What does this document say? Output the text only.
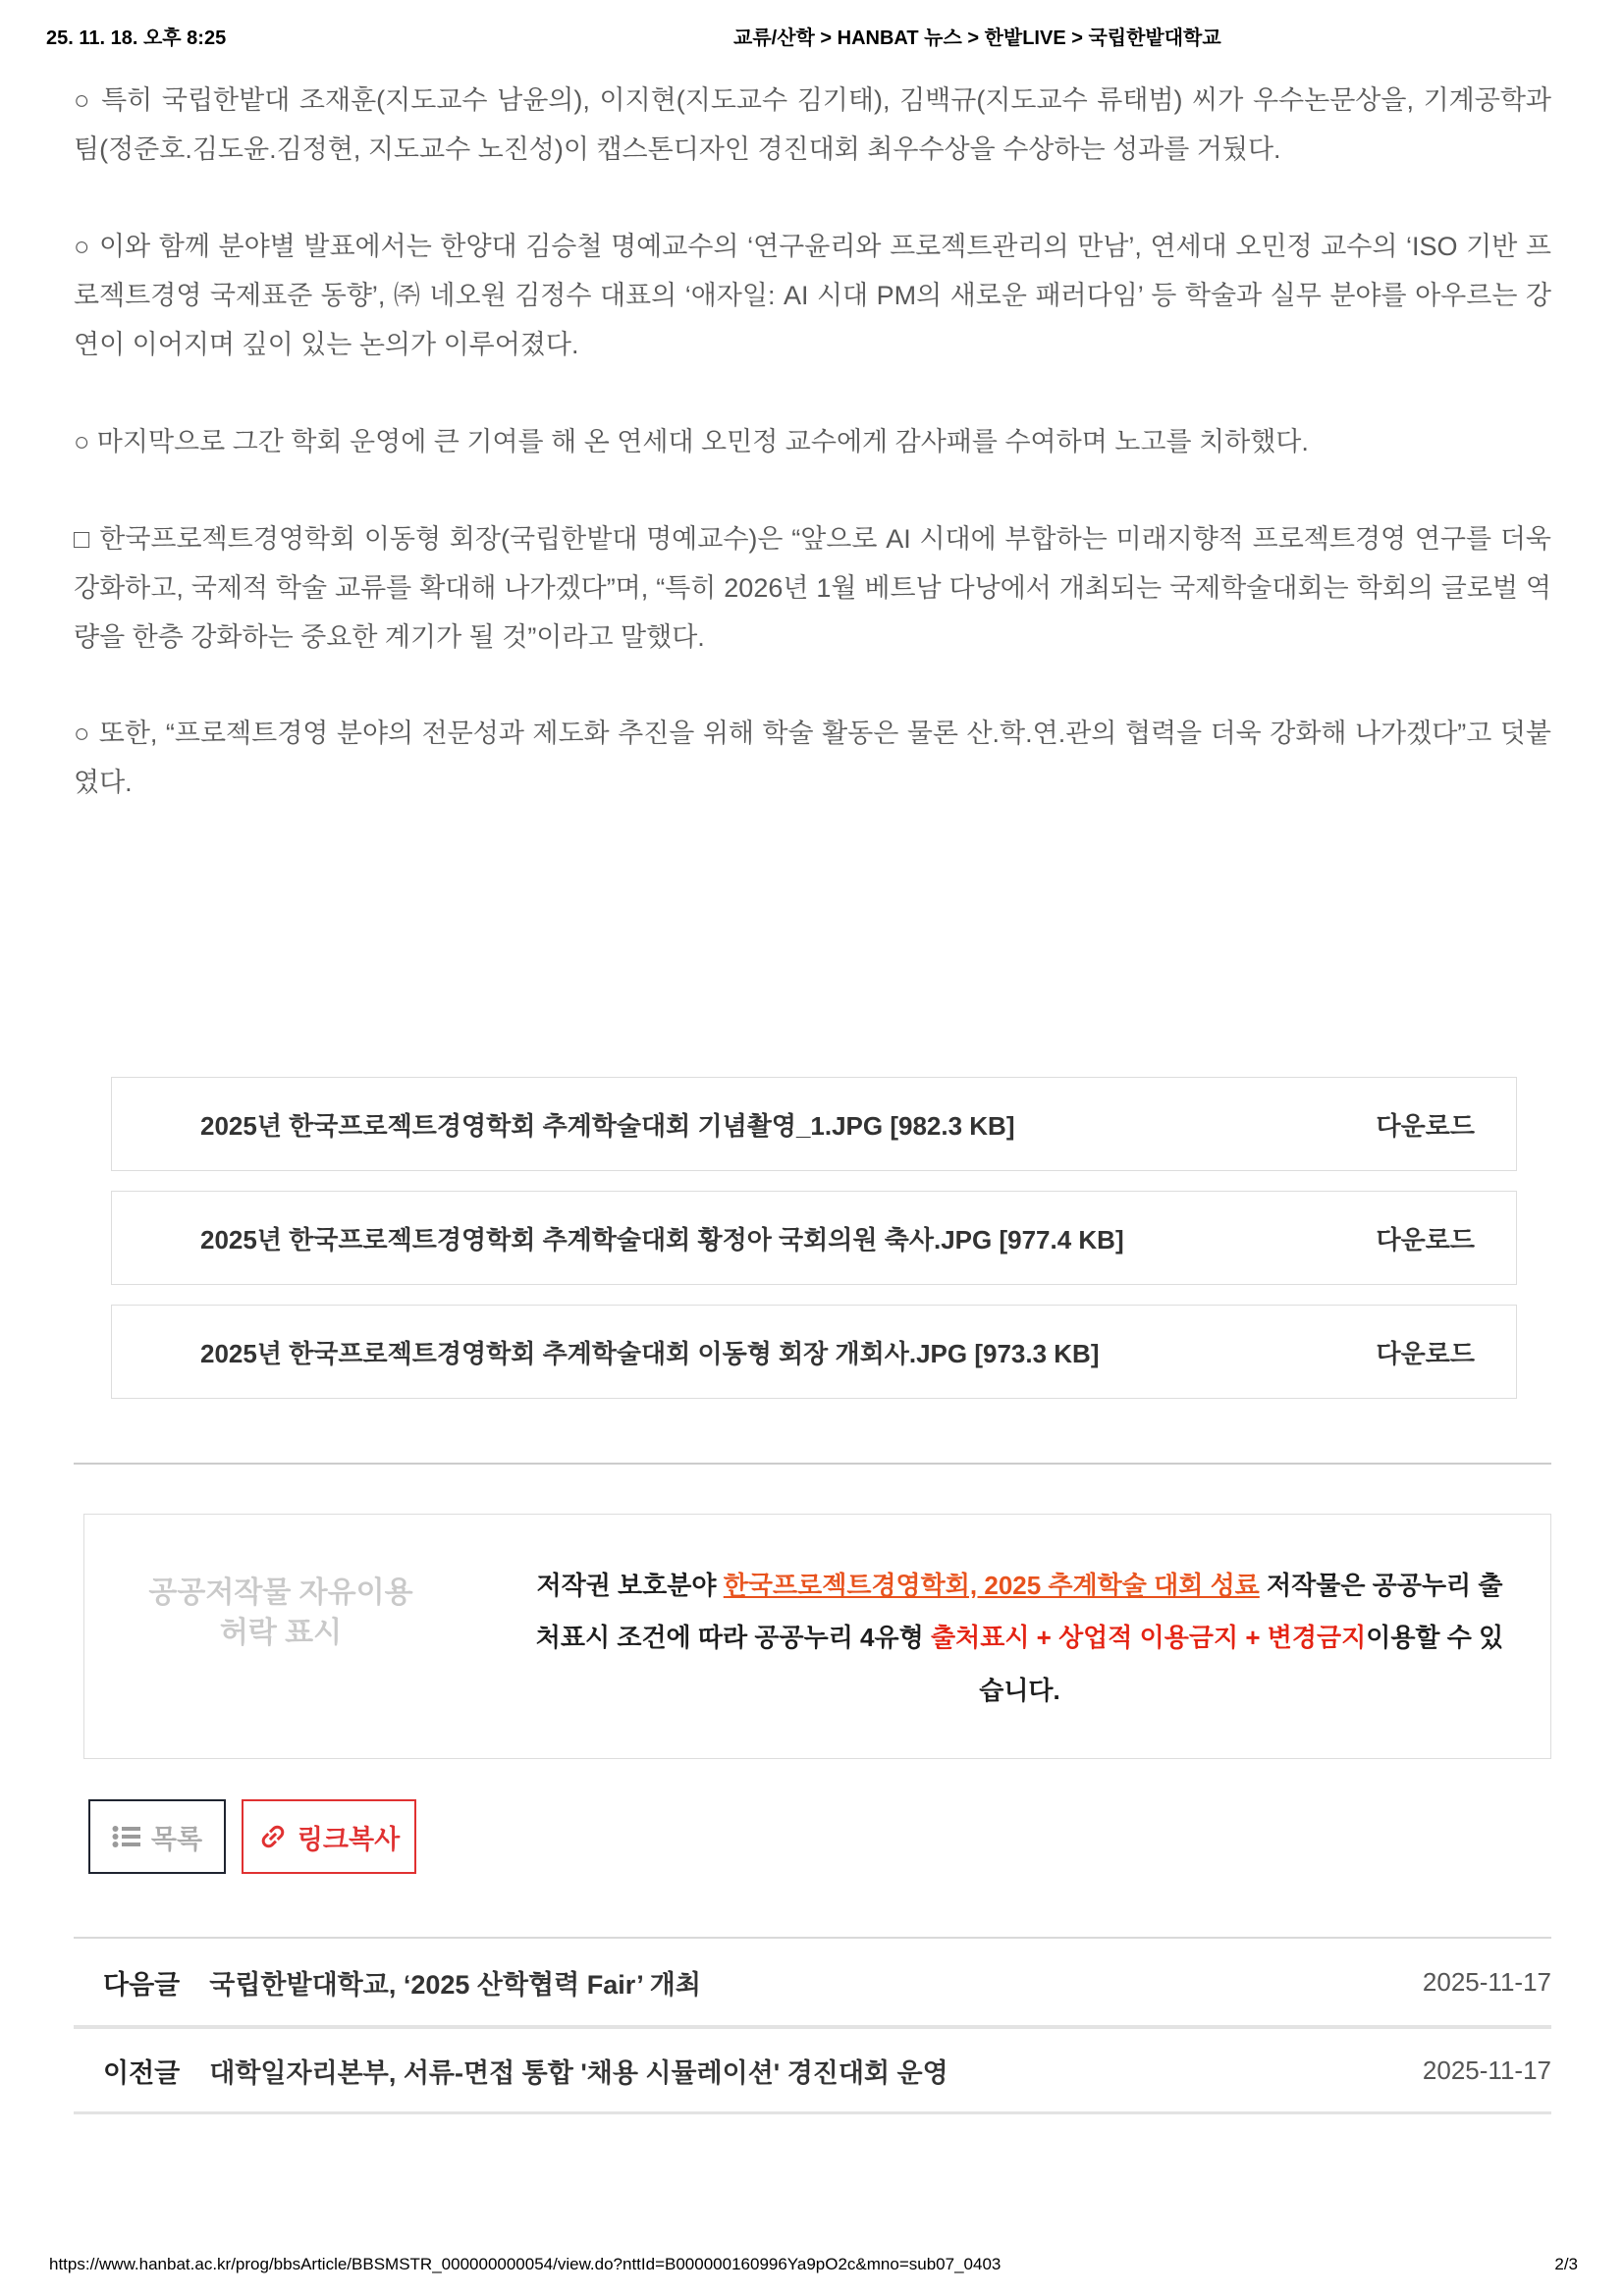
25. 11. 18. 오후 8:25	교류/산학 > HANBAT 뉴스 > 한밭LIVE > 국립한밭대학교

○ 특히 국립한밭대 조재훈(지도교수 남윤의), 이지현(지도교수 김기태), 김백규(지도교수 류태범) 씨가 우수논문상을, 기계공학과 팀(정준호.김도윤.김정현, 지도교수 노진성)이 캡스톤디자인 경진대회 최우수상을 수상하는 성과를 거뒀다.

○ 이와 함께 분야별 발표에서는 한양대 김승철 명예교수의 ‘연구윤리와 프로젝트관리의 만남’, 연세대 오민정 교수의 ‘ISO 기반 프로젝트경영 국제표준 동향’, ㈜ 네오원 김정수 대표의 ‘애자일: AI 시대 PM의 새로운 패러다임’ 등 학술과 실무 분야를 아우르는 강연이 이어지며 깊이 있는 논의가 이루어졌다.

○ 마지막으로 그간 학회 운영에 큰 기여를 해 온 연세대 오민정 교수에게 감사패를 수여하며 노고를 치하했다.

□ 한국프로젝트경영학회 이동형 회장(국립한밭대 명예교수)은 “앞으로 AI 시대에 부합하는 미래지향적 프로젝트경영 연구를 더욱 강화하고, 국제적 학술 교류를 확대해 나가겠다”며, “특히 2026년 1월 베트남 다낭에서 개최되는 국제학술대회는 학회의 글로벌 역량을 한층 강화하는 중요한 계기가 될 것”이라고 말했다.

○ 또한, “프로젝트경영 분야의 전문성과 제도화 추진을 위해 학술 활동은 물론 산.학.연.관의 협력을 더욱 강화해 나가겠다”고 덧붙였다.

2025년 한국프로젝트경영학회 추계학술대회 기념촬영_1.JPG [982.3 KB]	다운로드
2025년 한국프로젝트경영학회 추계학술대회 황정아 국회의원 축사.JPG [977.4 KB]	다운로드
2025년 한국프로젝트경영학회 추계학술대회 이동형 회장 개회사.JPG [973.3 KB]	다운로드
공공저작물 자유이용 허락 표시
저작권 보호분야 한국프로젝트경영학회, 2025 추계학술 대회 성료 저작물은 공공누리 출처표시 조건에 따라 공공누리 4유형 출처표시 + 상업적 이용금지 + 변경금지이용할 수 있습니다.
목록	링크복사
다음글 국립한밭대학교, ‘2025 산학협력 Fair’ 개최	2025-11-17
이전글 대학일자리본부, 서류-면접 통합 '채용 시뮬레이션' 경진대회 운영	2025-11-17
https://www.hanbat.ac.kr/prog/bbsArticle/BBSMSTR_000000000054/view.do?nttId=B000000160996Ya9pO2c&mno=sub07_0403	2/3
